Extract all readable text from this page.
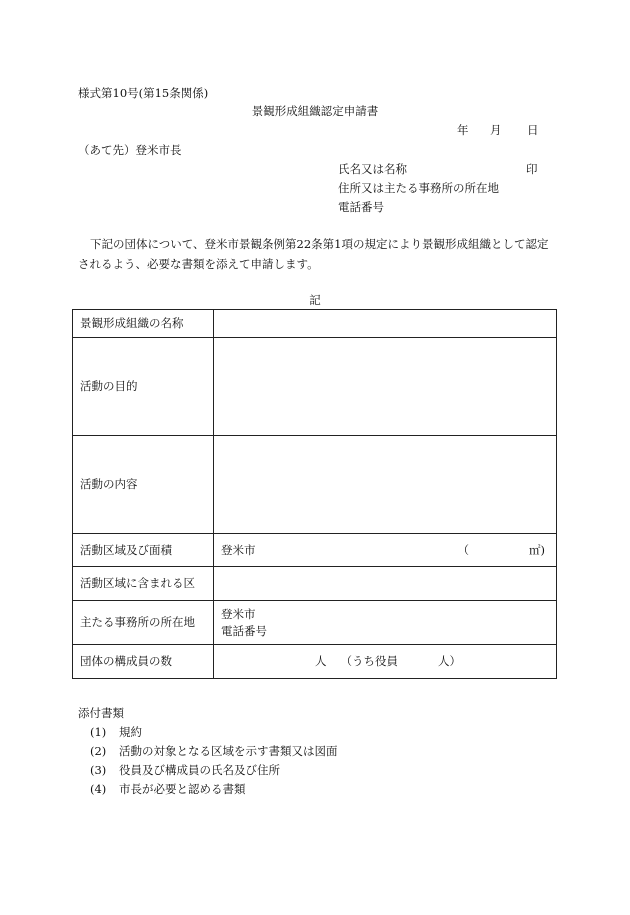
様式第10号(第15条関係)
景観形成組織認定申請書
年 月 日
（あて先）登米市長
氏名又は名称	印
住所又は主たる事務所の所在地
電話番号
下記の団体について、登米市景観条例第22条第1項の規定により景観形成組織として認定
されるよう、必要な書類を添えて申請します。
記
景観形成組織の名称	
活動の目的	
活動の内容	
活動区域及び面積	登米市 （ ㎡)

活動区域に含まれる区	
主たる事務所の所在地	登米市
電話番号

団体の構成員の数	人 （うち役員 人）
添付書類
(1) 規約
(2) 活動の対象となる区域を示す書類又は図面
(3) 役員及び構成員の氏名及び住所
(4) 市長が必要と認める書類
